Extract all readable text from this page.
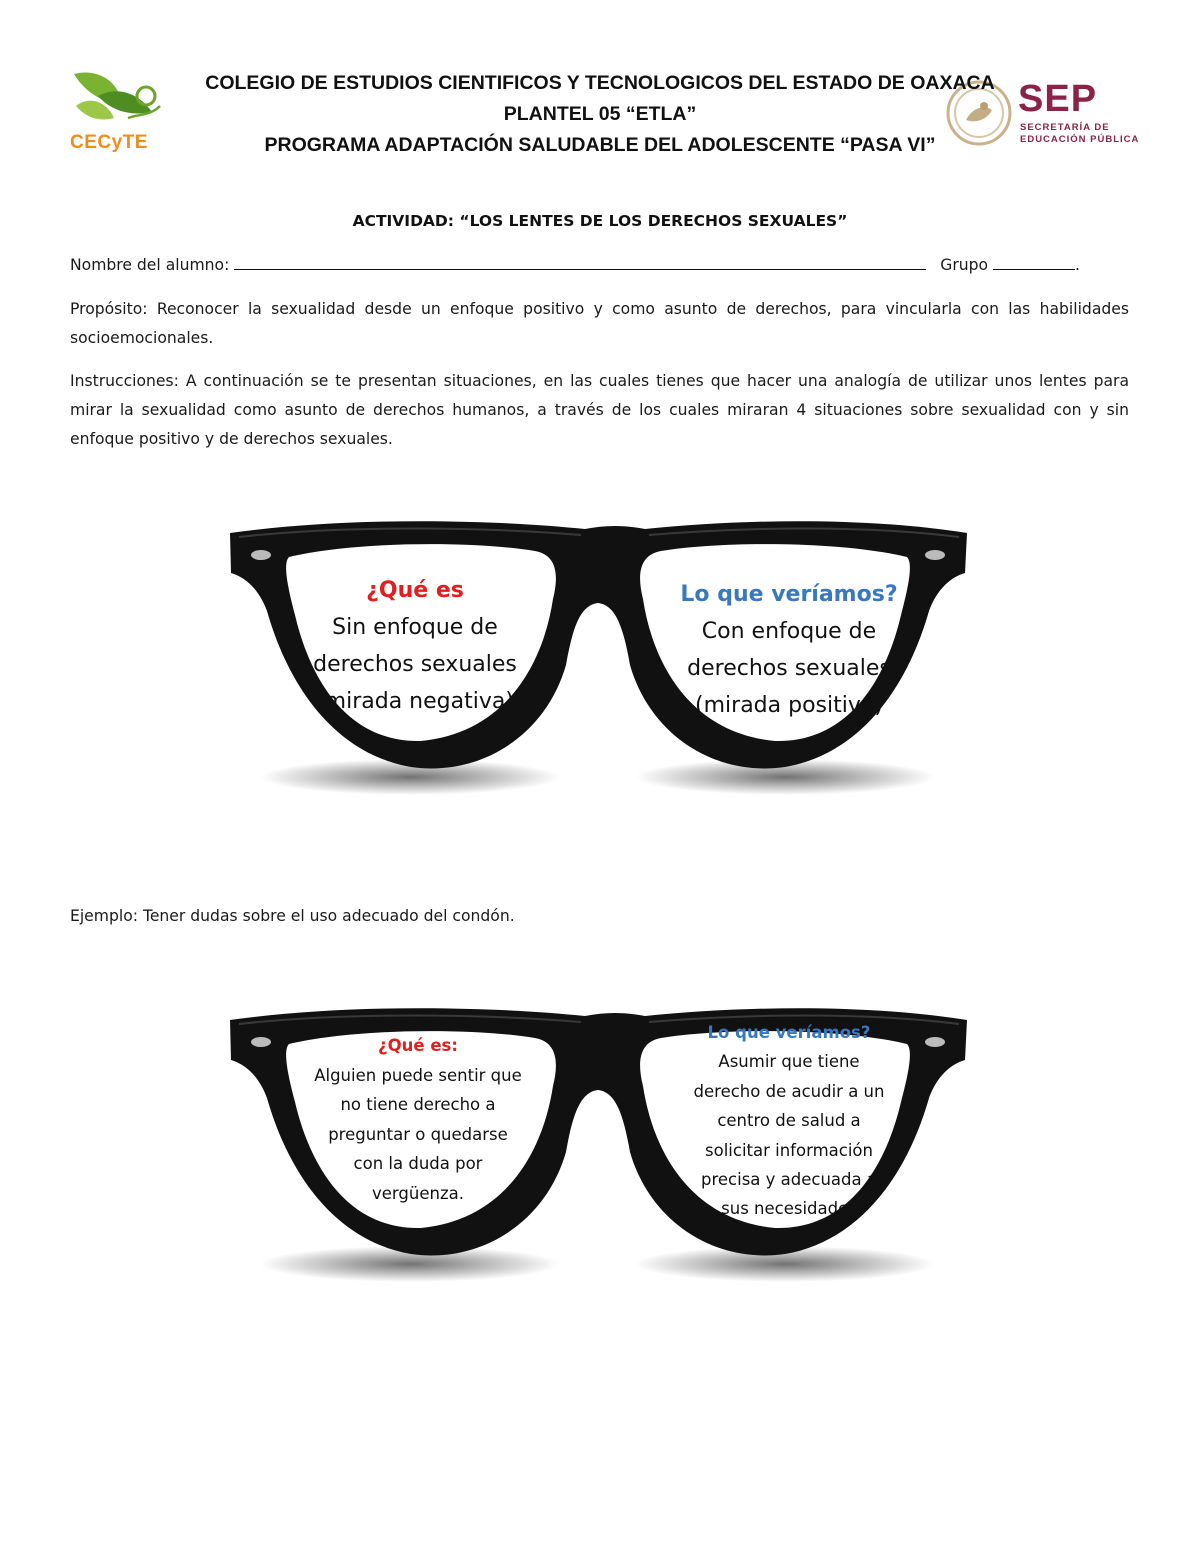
CECyTE
SEP
SECRETARÍA DE
EDUCACIÓN PÚBLICA
COLEGIO DE ESTUDIOS CIENTIFICOS Y TECNOLOGICOS DEL ESTADO DE OAXACA
PLANTEL 05 “ETLA”
PROGRAMA ADAPTACIÓN SALUDABLE DEL ADOLESCENTE “PASA VI”
ACTIVIDAD: “LOS LENTES DE LOS DERECHOS SEXUALES”
Nombre del alumno:	Grupo	.
Propósito: Reconocer la sexualidad desde un enfoque positivo y como asunto de derechos, para vincularla con las habilidades socioemocionales.
Instrucciones: A continuación se te presentan situaciones, en las cuales tienes que hacer una analogía de utilizar unos lentes para mirar la sexualidad como asunto de derechos humanos, a través de los cuales miraran 4 situaciones sobre sexualidad con y sin enfoque positivo y de derechos sexuales.
¿Qué es
Sin enfoque de
derechos sexuales
(mirada negativa)
Lo que veríamos?
Con enfoque de
derechos sexuales
(mirada positiva)
Ejemplo: Tener dudas sobre el uso adecuado del condón.
¿Qué es:
Alguien puede sentir que
no tiene derecho a
preguntar o quedarse
con la duda por
vergüenza.
Lo que veríamos?
Asumir que tiene
derecho de acudir a un
centro de salud a
solicitar información
precisa y adecuada a
sus necesidades
